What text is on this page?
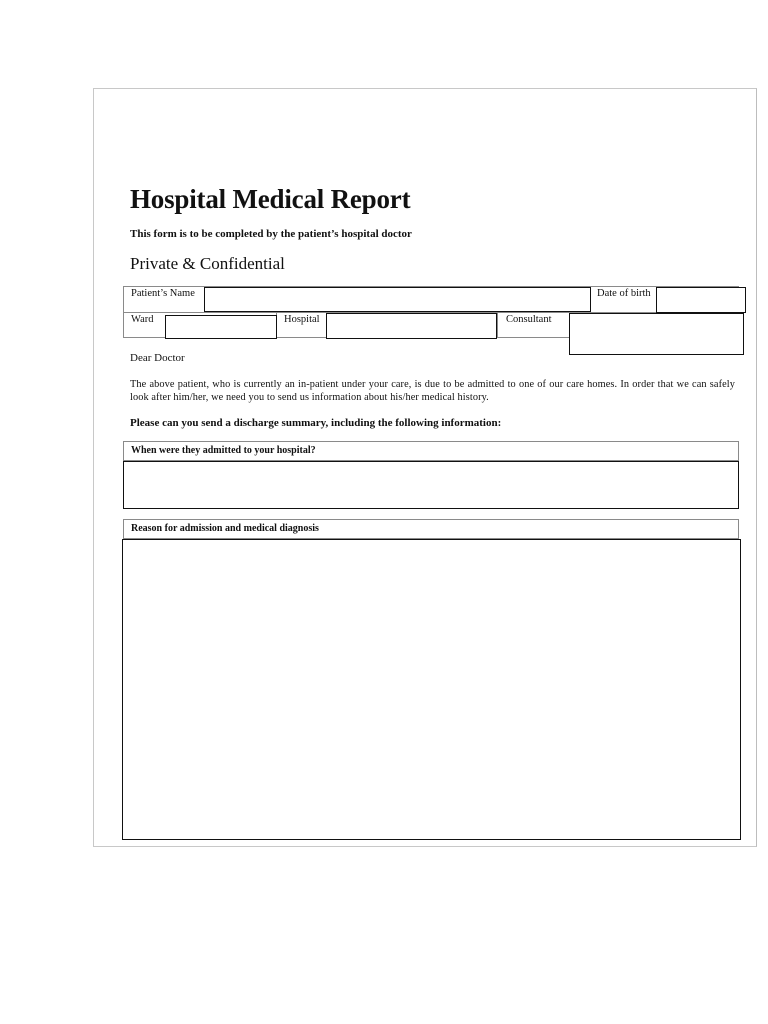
Hospital Medical Report
This form is to be completed by the patient’s hospital doctor
Private & Confidential
Patient’s Name	Date of birth
Ward	Hospital	Consultant
Dear Doctor
The above patient, who is currently an in-patient under your care, is due to be admitted to one of our care homes. In order that we can safely look after him/her, we need you to send us information about his/her medical history.
Please can you send a discharge summary, including the following information:
When were they admitted to your hospital?
Reason for admission and medical diagnosis
